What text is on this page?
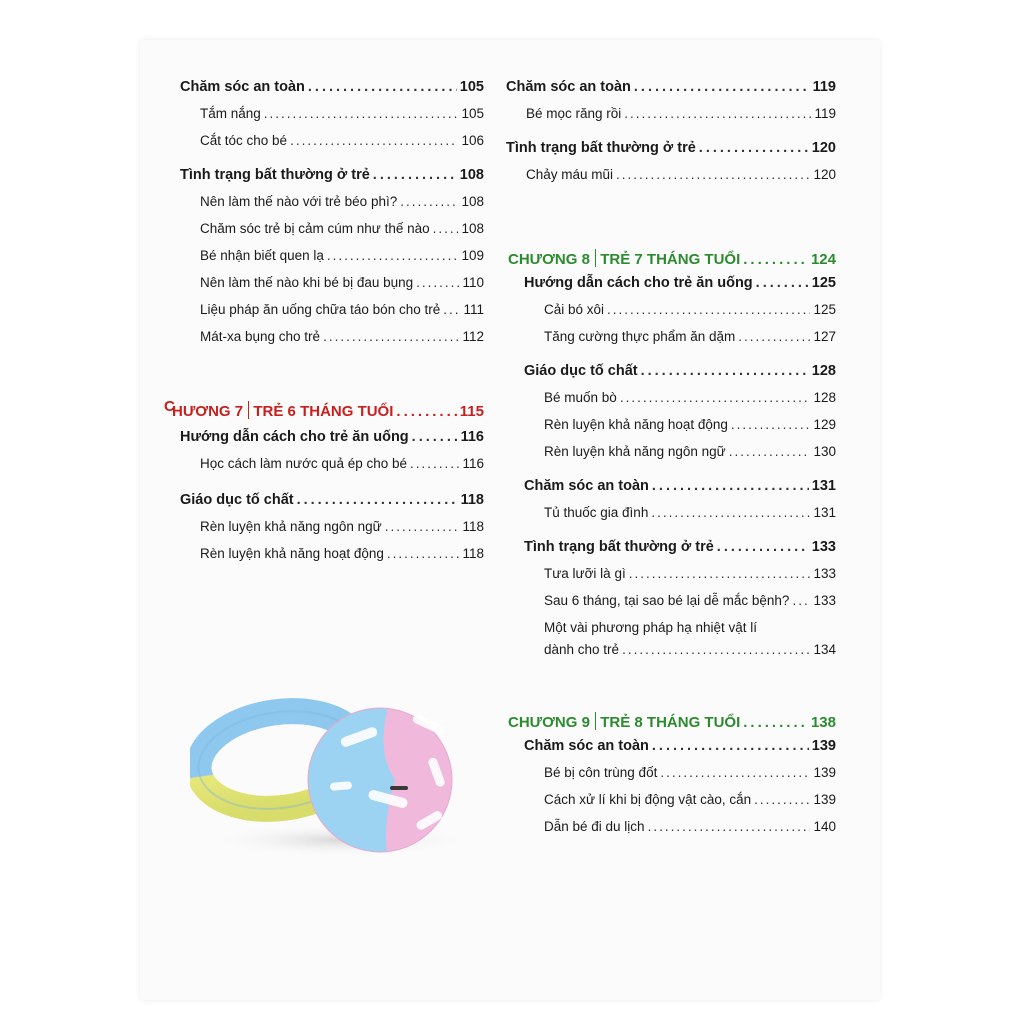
Chăm sóc an toàn .....	105
Tắm nắng .....	105
Cắt tóc cho bé .....	106
Tình trạng bất thường ở trẻ .....	108
Nên làm thế nào với trẻ béo phì? .....	108
Chăm sóc trẻ bị cảm cúm như thế nào ..... 108
Bé nhận biết quen lạ .....	109
Nên làm thế nào khi bé bị đau bụng .....	110
Liệu pháp ăn uống chữa táo bón cho trẻ ..... 111
Mát-xa bụng cho trẻ .....	112
C
HƯƠNG 7 TRẺ 6 THÁNG TUỔI .....	115
Hướng dẫn cách cho trẻ ăn uống .....	116
Học cách làm nước quả ép cho bé .....	116
Giáo dục tố chất .....	118
Rèn luyện khả năng ngôn ngữ .....	118
Rèn luyện khả năng hoạt động .....	118
Chăm sóc an toàn .....	119
Bé mọc răng rồi .....	119
Tình trạng bất thường ở trẻ .....	120
Chảy máu mũi .....	120
CHƯƠNG 8 TRẺ 7 THÁNG TUỔI .....	124
Hướng dẫn cách cho trẻ ăn uống .....	125
Cải bó xôi .....	125
Tăng cường thực phẩm ăn dặm .....	127
Giáo dục tố chất .....	128
Bé muốn bò .....	128
Rèn luyện khả năng hoạt động .....	129
Rèn luyện khả năng ngôn ngữ .....	130
Chăm sóc an toàn .....	131
Tủ thuốc gia đình .....	131
Tình trạng bất thường ở trẻ .....	133
Tưa lưỡi là gì .....	133
Sau 6 tháng, tại sao bé lại dễ mắc bệnh? ..... 133
Một vài phương pháp hạ nhiệt vật lí
dành cho trẻ .....	134
CHƯƠNG 9 TRẺ 8 THÁNG TUỔI .....	138
Chăm sóc an toàn .....	139
Bé bị côn trùng đốt .....	139
Cách xử lí khi bị động vật cào, cắn .....	139
Dẫn bé đi du lịch .....	140
